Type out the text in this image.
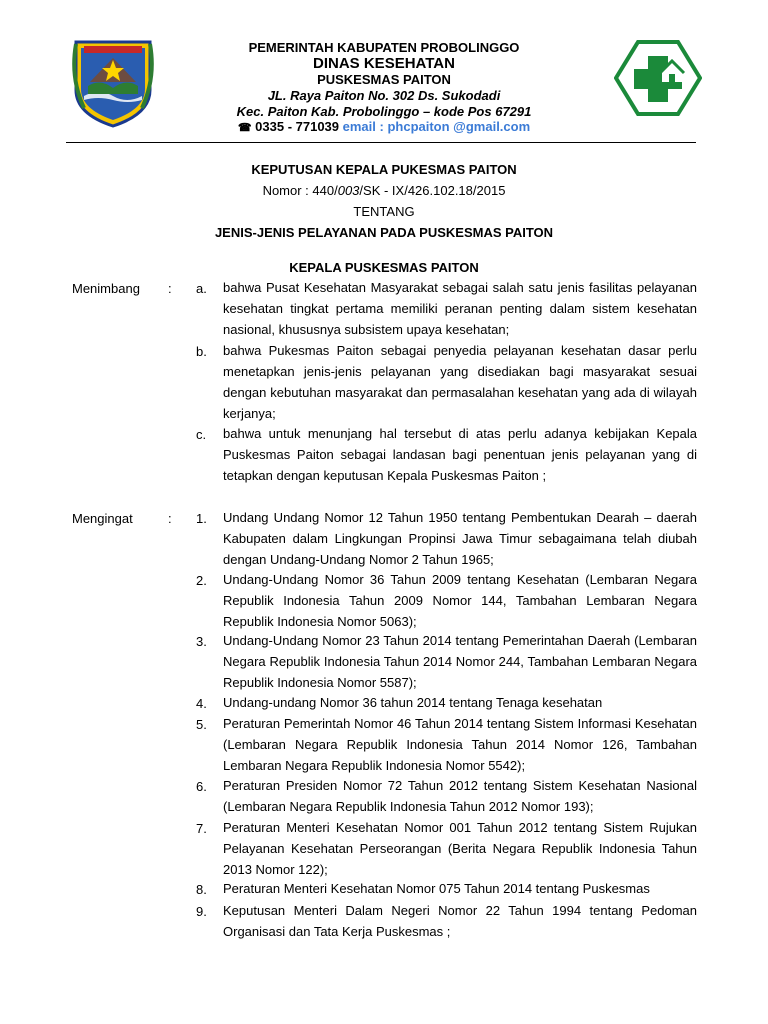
PEMERINTAH KABUPATEN PROBOLINGGO
DINAS KESEHATAN
PUSKESMAS PAITON
JL. Raya Paiton No. 302 Ds. Sukodadi
Kec. Paiton Kab. Probolinggo – kode Pos 67291
☎ 0335 - 771039 email : phcpaiton @gmail.com
KEPUTUSAN KEPALA PUKESMAS PAITON
Nomor : 440/003/SK - IX/426.102.18/2015
TENTANG
JENIS-JENIS PELAYANAN PADA PUSKESMAS PAITON
KEPALA PUSKESMAS PAITON
Menimbang : a. bahwa Pusat Kesehatan Masyarakat sebagai salah satu jenis fasilitas pelayanan kesehatan tingkat pertama memiliki peranan penting dalam sistem kesehatan nasional, khususnya subsistem upaya kesehatan;
b. bahwa Pukesmas Paiton sebagai penyedia pelayanan kesehatan dasar perlu menetapkan jenis-jenis pelayanan yang disediakan bagi masyarakat sesuai dengan kebutuhan masyarakat dan permasalahan kesehatan yang ada di wilayah kerjanya;
c. bahwa untuk menunjang hal tersebut di atas perlu adanya kebijakan Kepala Puskesmas Paiton sebagai landasan bagi penentuan jenis pelayanan yang di tetapkan dengan keputusan Kepala Puskesmas Paiton ;
Mengingat	: 1. Undang Undang Nomor 12 Tahun 1950 tentang Pembentukan Dearah – daerah Kabupaten dalam Lingkungan Propinsi Jawa Timur sebagaimana telah diubah dengan Undang-Undang Nomor 2 Tahun 1965;
2. Undang-Undang Nomor 36 Tahun 2009 tentang Kesehatan (Lembaran Negara Republik Indonesia Tahun 2009 Nomor 144, Tambahan Lembaran Negara Republik Indonesia Nomor 5063);
3. Undang-Undang Nomor 23 Tahun 2014 tentang Pemerintahan Daerah (Lembaran Negara Republik Indonesia Tahun 2014 Nomor 244, Tambahan Lembaran Negara Republik Indonesia Nomor 5587);
4. Undang-undang Nomor 36 tahun 2014 tentang Tenaga kesehatan
5. Peraturan Pemerintah Nomor 46 Tahun 2014 tentang Sistem Informasi Kesehatan (Lembaran Negara Republik Indonesia Tahun 2014 Nomor 126, Tambahan Lembaran Negara Republik Indonesia Nomor 5542);
6. Peraturan Presiden Nomor 72 Tahun 2012 tentang Sistem Kesehatan Nasional (Lembaran Negara Republik Indonesia Tahun 2012 Nomor 193);
7. Peraturan Menteri Kesehatan Nomor 001 Tahun 2012 tentang Sistem Rujukan Pelayanan Kesehatan Perseorangan (Berita Negara Republik Indonesia Tahun 2013 Nomor 122);
8. Peraturan Menteri Kesehatan Nomor 075 Tahun 2014 tentang Puskesmas
9. Keputusan Menteri Dalam Negeri Nomor 22 Tahun 1994 tentang Pedoman Organisasi dan Tata Kerja Puskesmas ;
